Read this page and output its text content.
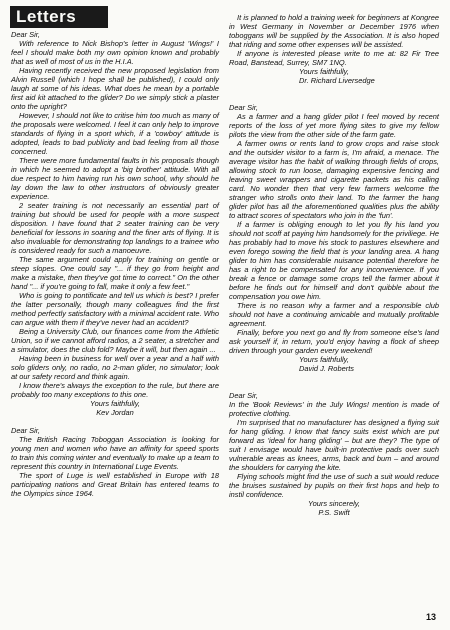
Letters

Dear Sir,

With reference to Nick Bishop's letter in August 'Wings!' I feel I should make both my own opinion known and probably that as well of most of us in the H.I.A.

Having recently received the new proposed legislation from Alvin Russell (which I hope shall be published), I could only laugh at some of his ideas. What does he mean by a portable first aid kit attached to the glider? Do we simply stick a plaster onto the upright?

However, I should not like to critise him too much as many of the proposals were welcomed. I feel it can only help to improve standards of flying in a sport which, if a 'cowboy' attitude is adopted, leads to bad publicity and bad feeling from all those concerned.

There were more fundamental faults in his proposals though in which he seemed to adopt a 'big brother' attitude. With all due respect to him having run his own school, why should he lay down the law to other instructors of obviously greater experience.

2 seater training is not necessarily an essential part of training but should be used for people with a more suspect disposition. I have found that 2 seater training can be very beneficial for lessons in soaring and the finer arts of flying. It is also invaluable for demonstrating top landings to a trainee who is considered ready for such a manoeuvre.

The same argument could apply for training on gentle or steep slopes. One could say "... if they go from height and make a mistake, then they've got time to correct." On the other hand "... if you're going to fall, make it only a few feet."

Who is going to pontificate and tell us which is best? I prefer the latter personally, though many colleagues find the first method perfectly satisfactory with a minimal accident rate. Who can argue with them if they've never had an accident?

Being a University Club, our finances come from the Athletic Union, so if we cannot afford radios, a 2 seater, a stretcher and a simulator, does the club fold? Maybe it will, but then again ...

Having been in business for well over a year and a half with solo gliders only, no radio, no 2-man glider, no simulator; look at our safety record and think again.

I know there's always the exception to the rule, but there are probably too many exceptions to this one.

Yours faithfully,

Kev Jordan

Dear Sir,

The British Racing Toboggan Association is looking for young men and women who have an affinity for speed sports to train this coming winter and eventually to make up a team to represent this country in International Luge Events.

The sport of Luge is well established in Europe with 18 participating nations and Great Britain has entered teams to the Olympics since 1964.

It is planned to hold a training week for beginners at Kongree in West Germany in November or December 1976 when toboggans will be supplied by the Association. It is also hoped that riding and some other expenses will be assisted.

If anyone is interested please write to me at: 82 Fir Tree Road, Banstead, Surrey, SM7 1NQ.

Yours faithfully,

Dr. Richard Liversedge

Dear Sir,

As a farmer and a hang glider pilot I feel moved by recent reports of the loss of yet more flying sites to give my fellow pilots the view from the other side of the farm gate.

A farmer owns or rents land to grow crops and raise stock and the outsider visitor to a farm is, I'm afraid, a menace. The average visitor has the habit of walking through fields of crops, allowing stock to run loose, damaging expensive fencing and leaving sweet wrappers and cigarette packets as his calling card. No wonder then that very few farmers welcome the stranger who strolls onto their land. To the farmer the hang glider pilot has all the aforementioned qualities plus the ability to attract scores of spectators who join in the 'fun'.

If a farmer is obliging enough to let you fly his land you should not scoff at paying him handsomely for the priviliege. He has probably had to move his stock to pastures elsewhere and even forego sowing the field that is your landing area. A hang glider to him has considerable nuisance potential therefore he has a right to be compensated for any inconvenience. If you break a fence or damage some crops tell the farmer about it before he finds out for himself and don't quibble about the compensation you owe him.

There is no reason why a farmer and a responsible club should not have a continuing amicable and mutually profitable agreement.

Finally, before you next go and fly from someone else's land ask yourself if, in return, you'd enjoy having a flock of sheep driven through your garden every weekend!

Yours faithfully,

David J. Roberts

Dear Sir,

In the 'Book Reviews' in the July Wings! mention is made of protective clothing.

I'm surprised that no manufacturer has designed a flying suit for hang gliding. I know that fancy suits exist which are put forward as 'ideal for hang gliding' – but are they? The type of suit I envisage would have built-in protective pads over such vulnerable areas as knees, arms, back and bum – and around the shoulders for carrying the kite.

Flying schools might find the use of such a suit would reduce the bruises sustained by pupils on their first hops and help to instil confidence.

Yours sincerely,

P.S. Swift

13
